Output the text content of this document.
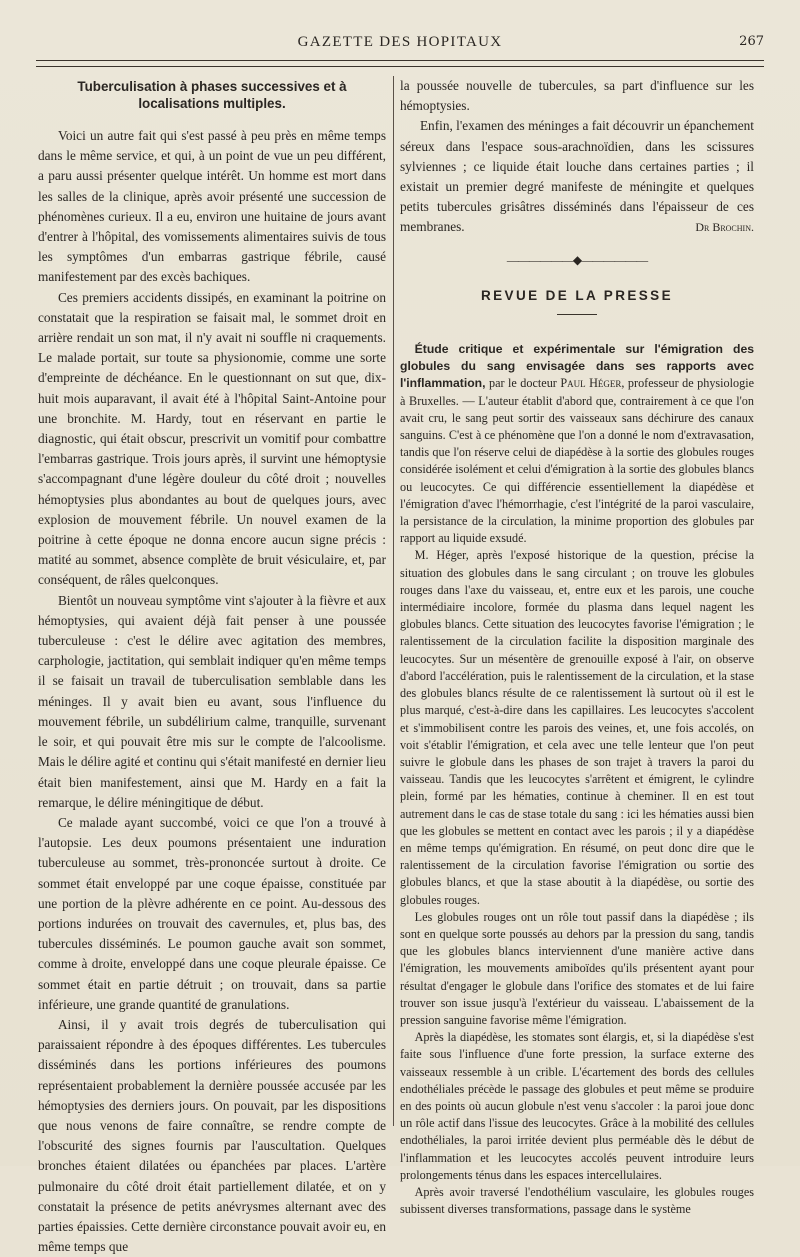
GAZETTE DES HOPITAUX	267
Tuberculisation à phases successives et à localisations multiples.

Voici un autre fait qui s'est passé à peu près en même temps dans le même service, et qui, à un point de vue un peu différent, a paru aussi présenter quelque intérêt. Un homme est mort dans les salles de la clinique, après avoir présenté une succession de phénomènes curieux. Il a eu, environ une huitaine de jours avant d'entrer à l'hôpital, des vomissements alimentaires suivis de tous les symptômes d'un embarras gastrique fébrile, causé manifestement par des excès bachiques.

Ces premiers accidents dissipés, en examinant la poitrine on constatait que la respiration se faisait mal, le sommet droit en arrière rendait un son mat, il n'y avait ni souffle ni craquements. Le malade portait, sur toute sa physionomie, comme une sorte d'empreinte de déchéance. En le questionnant on sut que, dix-huit mois auparavant, il avait été à l'hôpital Saint-Antoine pour une bronchite. M. Hardy, tout en réservant en partie le diagnostic, qui était obscur, prescrivit un vomitif pour combattre l'embarras gastrique. Trois jours après, il survint une hémoptysie s'accompagnant d'une légère douleur du côté droit ; nouvelles hémoptysies plus abondantes au bout de quelques jours, avec explosion de mouvement fébrile. Un nouvel examen de la poitrine à cette époque ne donna encore aucun signe précis : matité au sommet, absence complète de bruit vésiculaire, et, par conséquent, de râles quelconques.

Bientôt un nouveau symptôme vint s'ajouter à la fièvre et aux hémoptysies, qui avaient déjà fait penser à une poussée tuberculeuse : c'est le délire avec agitation des membres, carphologie, jactitation, qui semblait indiquer qu'en même temps il se faisait un travail de tuberculisation semblable dans les méninges. Il y avait bien eu avant, sous l'influence du mouvement fébrile, un subdélirium calme, tranquille, survenant le soir, et qui pouvait être mis sur le compte de l'alcoolisme. Mais le délire agité et continu qui s'était manifesté en dernier lieu était bien manifestement, ainsi que M. Hardy en a fait la remarque, le délire méningitique de début.

Ce malade ayant succombé, voici ce que l'on a trouvé à l'autopsie. Les deux poumons présentaient une induration tuberculeuse au sommet, très-prononcée surtout à droite. Ce sommet était enveloppé par une coque épaisse, constituée par une portion de la plèvre adhérente en ce point. Au-dessous des portions indurées on trouvait des cavernules, et, plus bas, des tubercules disséminés. Le poumon gauche avait son sommet, comme à droite, enveloppé dans une coque pleurale épaisse. Ce sommet était en partie détruit ; on trouvait, dans sa partie inférieure, une grande quantité de granulations.

Ainsi, il y avait trois degrés de tuberculisation qui paraissaient répondre à des époques différentes. Les tubercules disséminés dans les portions inférieures des poumons représentaient probablement la dernière poussée accusée par les hémoptysies des derniers jours. On pouvait, par les dispositions que nous venons de faire connaître, se rendre compte de l'obscurité des signes fournis par l'auscultation. Quelques bronches étaient dilatées ou épanchées par places. L'artère pulmonaire du côté droit était partiellement dilatée, et on y constatait la présence de petits anévrysmes alternant avec des parties épaissies. Cette dernière circonstance pouvait avoir eu, en même temps que

la poussée nouvelle de tubercules, sa part d'influence sur les hémoptysies.

Enfin, l'examen des méninges a fait découvrir un épanchement séreux dans l'espace sous-arachnoïdien, dans les scissures sylviennes ; ce liquide était louche dans certaines parties ; il existait un premier degré manifeste de méningite et quelques petits tubercules grisâtres disséminés dans l'épaisseur de ces membranes.	Dr Brochin.

——————◆——————
REVUE DE LA PRESSE

Étude critique et expérimentale sur l'émigration des globules du sang envisagée dans ses rapports avec l'inflammation, par le docteur Paul Héger, professeur de physiologie à Bruxelles. — L'auteur établit d'abord que, contrairement à ce que l'on avait cru, le sang peut sortir des vaisseaux sans déchirure des canaux sanguins. C'est à ce phénomène que l'on a donné le nom d'extravasation, tandis que l'on réserve celui de diapédèse à la sortie des globules rouges considérée isolément et celui d'émigration à la sortie des globules blancs ou leucocytes. Ce qui différencie essentiellement la diapédèse et l'émigration d'avec l'hémorrhagie, c'est l'intégrité de la paroi vasculaire, la persistance de la circulation, la minime proportion des globules par rapport au liquide exsudé.

M. Héger, après l'exposé historique de la question, précise la situation des globules dans le sang circulant ; on trouve les globules rouges dans l'axe du vaisseau, et, entre eux et les parois, une couche intermédiaire incolore, formée du plasma dans lequel nagent les globules blancs. Cette situation des leucocytes favorise l'émigration ; le ralentissement de la circulation facilite la disposition marginale des leucocytes. Sur un mésentère de grenouille exposé à l'air, on observe d'abord l'accélération, puis le ralentissement de la circulation, et la stase des globules blancs résulte de ce ralentissement là surtout où il est le plus marqué, c'est-à-dire dans les capillaires. Les leucocytes s'accolent et s'immobilisent contre les parois des veines, et, une fois accolés, on voit s'établir l'émigration, et cela avec une telle lenteur que l'on peut suivre le globule dans les phases de son trajet à travers la paroi du vaisseau. Tandis que les leucocytes s'arrêtent et émigrent, le cylindre plein, formé par les hématies, continue à cheminer. Il en est tout autrement dans le cas de stase totale du sang : ici les hématies aussi bien que les globules se mettent en contact avec les parois ; il y a diapédèse en même temps qu'émigration. En résumé, on peut donc dire que le ralentissement de la circulation favorise l'émigration ou sortie des globules blancs, et que la stase aboutit à la diapédèse, ou sortie des globules rouges.

Les globules rouges ont un rôle tout passif dans la diapédèse ; ils sont en quelque sorte poussés au dehors par la pression du sang, tandis que les globules blancs interviennent d'une manière active dans l'émigration, les mouvements amiboïdes qu'ils présentent ayant pour résultat d'engager le globule dans l'orifice des stomates et de lui faire trouver son issue jusqu'à l'extérieur du vaisseau. L'abaissement de la pression sanguine favorise même l'émigration.

Après la diapédèse, les stomates sont élargis, et, si la diapédèse s'est faite sous l'influence d'une forte pression, la surface externe des vaisseaux ressemble à un crible. L'écartement des bords des cellules endothéliales précède le passage des globules et peut même se produire en des points où aucun globule n'est venu s'accoler : la paroi joue donc un rôle actif dans l'issue des leucocytes. Grâce à la mobilité des cellules endothéliales, la paroi irritée devient plus perméable dès le début de l'inflammation et les leucocytes accolés peuvent introduire leurs prolongements ténus dans les espaces intercellulaires.

Après avoir traversé l'endothélium vasculaire, les globules rouges subissent diverses transformations, passage dans le système
